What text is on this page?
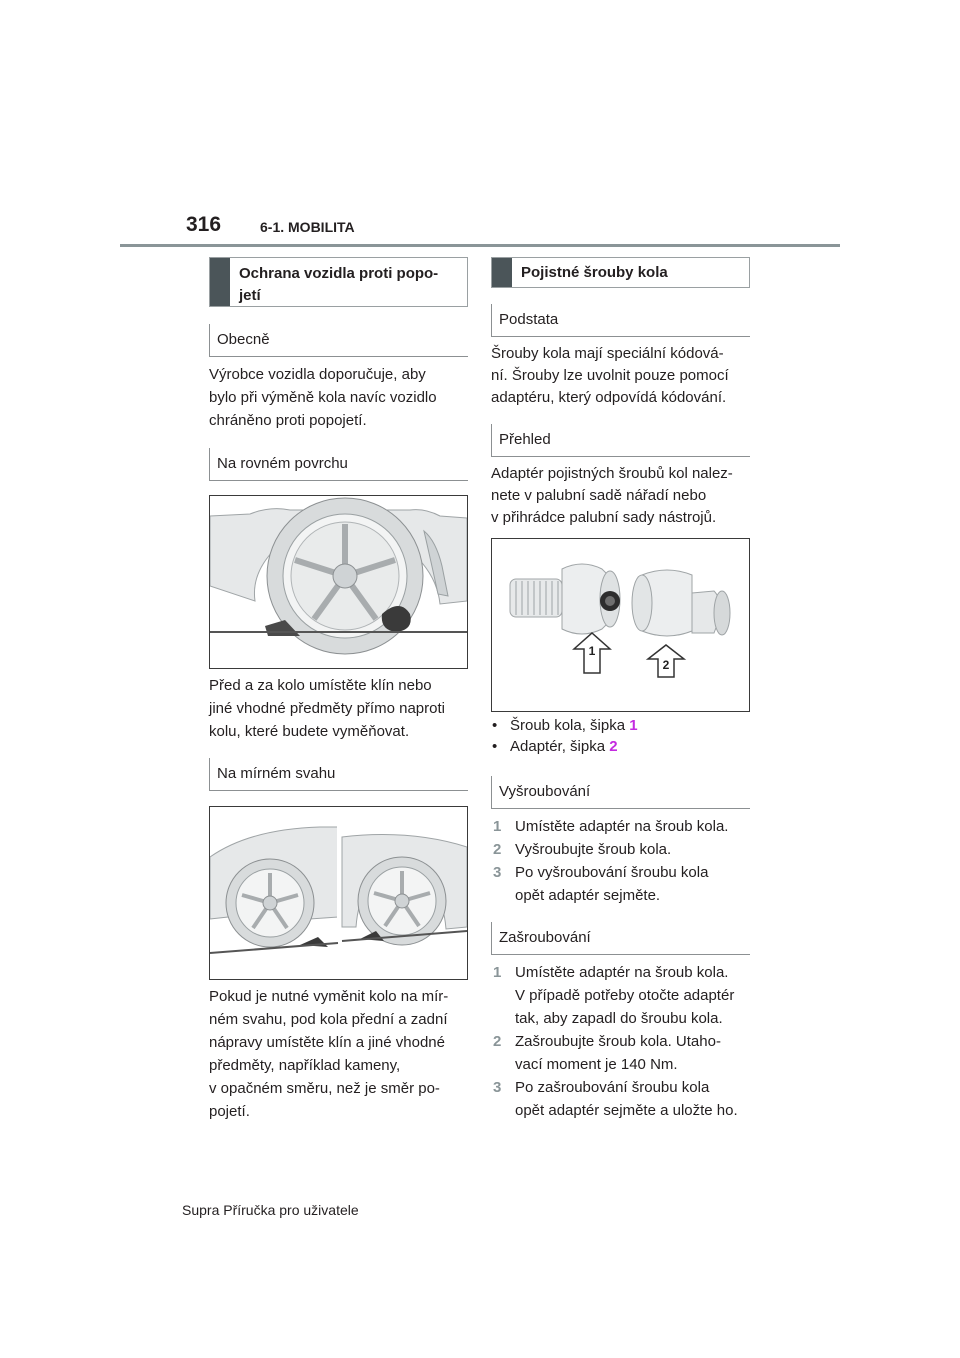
316	6-1. MOBILITA
Ochrana vozidla proti popo-
jetí
Obecně
Výrobce vozidla doporučuje, aby
bylo při výměně kola navíc vozidlo
chráněno proti popojetí.
Na rovném povrchu
Před a za kolo umístěte klín nebo
jiné vhodné předměty přímo naproti
kolu, které budete vyměňovat.
Na mírném svahu
Pokud je nutné vyměnit kolo na mír-
ném svahu, pod kola přední a zadní
nápravy umístěte klín a jiné vhodné
předměty, například kameny,
v opačném směru, než je směr po-
pojetí.
Pojistné šrouby kola
Podstata
Šrouby kola mají speciální kódová-
ní. Šrouby lze uvolnit pouze pomocí
adaptéru, který odpovídá kódování.
Přehled
Adaptér pojistných šroubů kol nalez-
nete v palubní sadě nářadí nebo
v přihrádce palubní sady nástrojů.
1
2
• Šroub kola, šipka 1
• Adaptér, šipka 2
Vyšroubování
1 Umístěte adaptér na šroub kola.
2 Vyšroubujte šroub kola.
3 Po vyšroubování šroubu kola
opět adaptér sejměte.
Zašroubování
1 Umístěte adaptér na šroub kola.
V případě potřeby otočte adaptér
tak, aby zapadl do šroubu kola.
2 Zašroubujte šroub kola. Utaho-
vací moment je 140 Nm.
3 Po zašroubování šroubu kola
opět adaptér sejměte a uložte ho.
Supra Příručka pro uživatele
